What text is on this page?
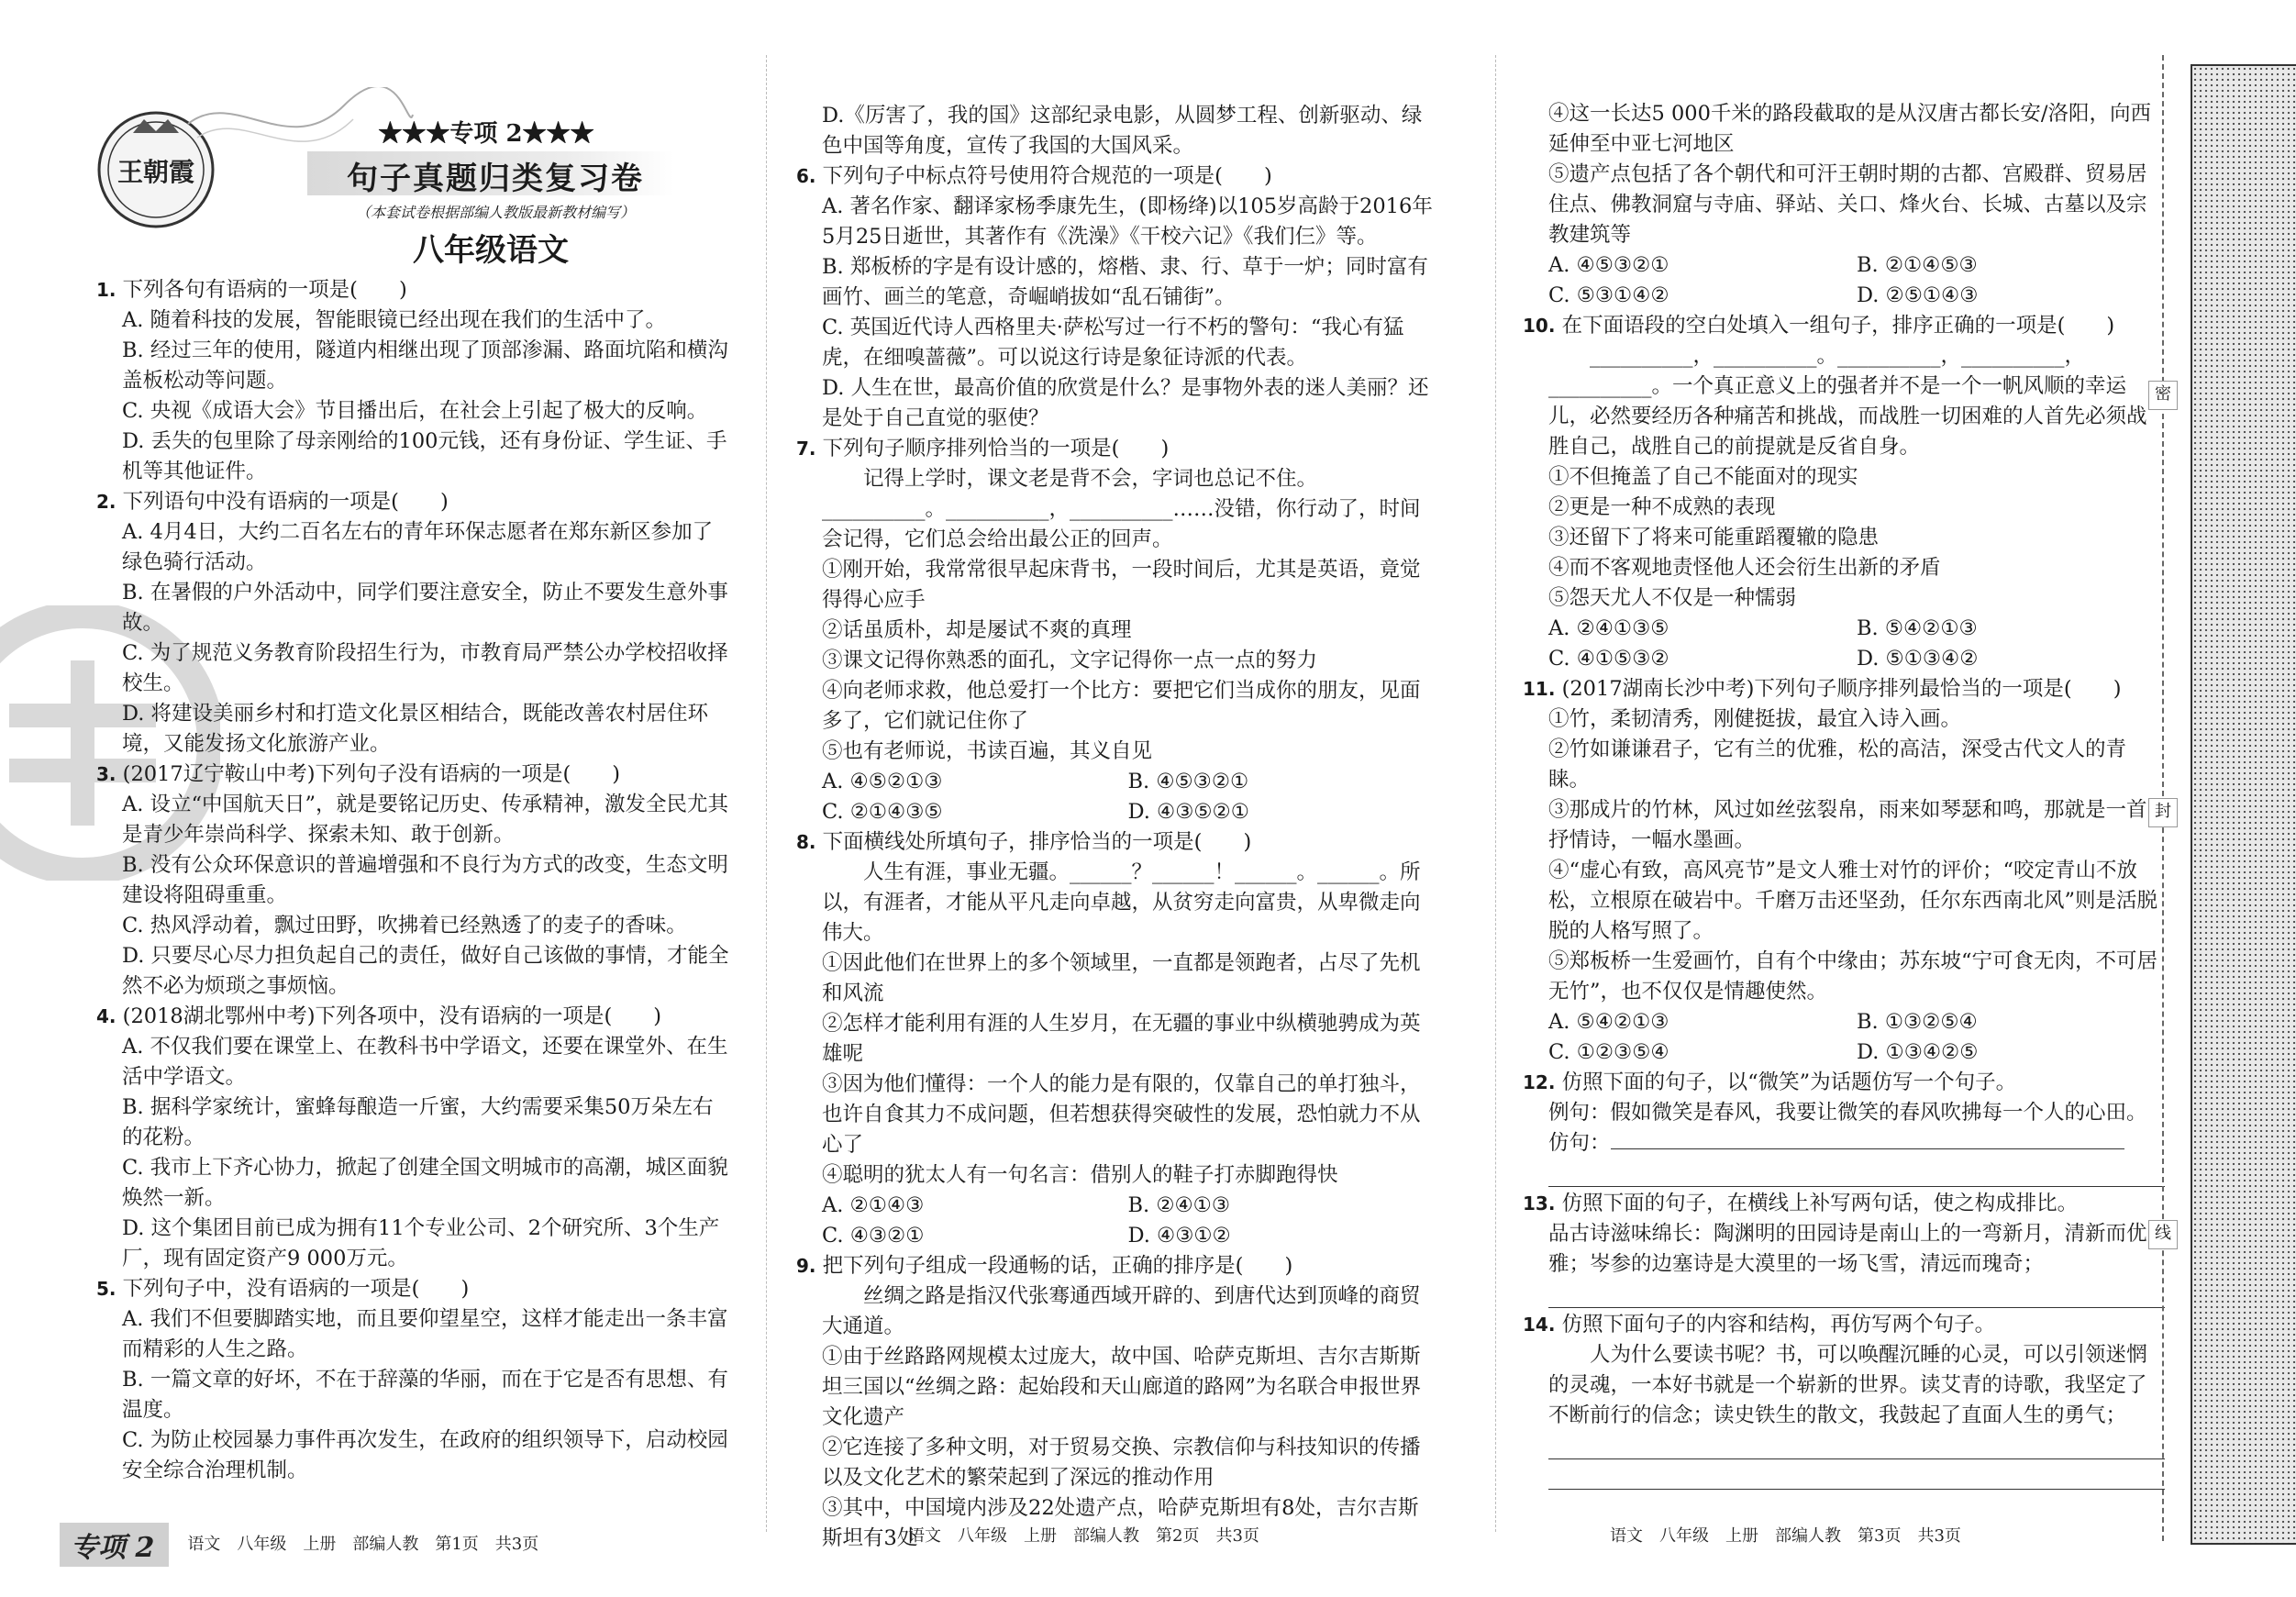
王朝霞
★★★专项 2★★★
句子真题归类复习卷
（本套试卷根据部编人教版最新教材编写）
八年级语文
1. 下列各句有语病的一项是(　　)
A. 随着科技的发展，智能眼镜已经出现在我们的生活中了。
B. 经过三年的使用，隧道内相继出现了顶部渗漏、路面坑陷和横沟盖板松动等问题。
C. 央视《成语大会》节目播出后，在社会上引起了极大的反响。
D. 丢失的包里除了母亲刚给的100元钱，还有身份证、学生证、手机等其他证件。
2. 下列语句中没有语病的一项是(　　)
A. 4月4日，大约二百名左右的青年环保志愿者在郑东新区参加了绿色骑行活动。
B. 在暑假的户外活动中，同学们要注意安全，防止不要发生意外事故。
C. 为了规范义务教育阶段招生行为，市教育局严禁公办学校招收择校生。
D. 将建设美丽乡村和打造文化景区相结合，既能改善农村居住环境，又能发扬文化旅游产业。
3. (2017辽宁鞍山中考)下列句子没有语病的一项是(　　)
A. 设立“中国航天日”，就是要铭记历史、传承精神，激发全民尤其是青少年崇尚科学、探索未知、敢于创新。
B. 没有公众环保意识的普遍增强和不良行为方式的改变，生态文明建设将阻碍重重。
C. 热风浮动着，飘过田野，吹拂着已经熟透了的麦子的香味。
D. 只要尽心尽力担负起自己的责任，做好自己该做的事情，才能全然不必为烦琐之事烦恼。
4. (2018湖北鄂州中考)下列各项中，没有语病的一项是(　　)
A. 不仅我们要在课堂上、在教科书中学语文，还要在课堂外、在生活中学语文。
B. 据科学家统计，蜜蜂每酿造一斤蜜，大约需要采集50万朵左右的花粉。
C. 我市上下齐心协力，掀起了创建全国文明城市的高潮，城区面貌焕然一新。
D. 这个集团目前已成为拥有11个专业公司、2个研究所、3个生产厂，现有固定资产9 000万元。
5. 下列句子中，没有语病的一项是(　　)
A. 我们不但要脚踏实地，而且要仰望星空，这样才能走出一条丰富而精彩的人生之路。
B. 一篇文章的好坏，不在于辞藻的华丽，而在于它是否有思想、有温度。
C. 为防止校园暴力事件再次发生，在政府的组织领导下，启动校园安全综合治理机制。
D.《厉害了，我的国》这部纪录电影，从圆梦工程、创新驱动、绿色中国等角度，宣传了我国的大国风采。
6. 下列句子中标点符号使用符合规范的一项是(　　)
A. 著名作家、翻译家杨季康先生，(即杨绛)以105岁高龄于2016年5月25日逝世，其著作有《洗澡》《干校六记》《我们仨》等。
B. 郑板桥的字是有设计感的，熔楷、隶、行、草于一炉；同时富有画竹、画兰的笔意，奇崛峭拔如“乱石铺街”。
C. 英国近代诗人西格里夫·萨松写过一行不朽的警句：“我心有猛虎，在细嗅蔷薇”。可以说这行诗是象征诗派的代表。
D. 人生在世，最高价值的欣赏是什么？是事物外表的迷人美丽？还是处于自己直觉的驱使？
7. 下列句子顺序排列恰当的一项是(　　)
记得上学时，课文老是背不会，字词也总记不住。__________。__________，__________……没错，你行动了，时间会记得，它们总会给出最公正的回声。
①刚开始，我常常很早起床背书，一段时间后，尤其是英语，竟觉得得心应手
②话虽质朴，却是屡试不爽的真理
③课文记得你熟悉的面孔，文字记得你一点一点的努力
④向老师求救，他总爱打一个比方：要把它们当成你的朋友，见面多了，它们就记住你了
⑤也有老师说，书读百遍，其义自见
A. ④⑤②①③	B. ④⑤③②①
C. ②①④③⑤	D. ④③⑤②①
8. 下面横线处所填句子，排序恰当的一项是(　　)
人生有涯，事业无疆。______？______！______。______。所以，有涯者，才能从平凡走向卓越，从贫穷走向富贵，从卑微走向伟大。
①因此他们在世界上的多个领域里，一直都是领跑者，占尽了先机和风流
②怎样才能利用有涯的人生岁月，在无疆的事业中纵横驰骋成为英雄呢
③因为他们懂得：一个人的能力是有限的，仅靠自己的单打独斗，也许自食其力不成问题，但若想获得突破性的发展，恐怕就力不从心了
④聪明的犹太人有一句名言：借别人的鞋子打赤脚跑得快
A. ②①④③	B. ②④①③
C. ④③②①	D. ④③①②
9. 把下列句子组成一段通畅的话，正确的排序是(　　)
丝绸之路是指汉代张骞通西域开辟的、到唐代达到顶峰的商贸大通道。
①由于丝路路网规模太过庞大，故中国、哈萨克斯坦、吉尔吉斯斯坦三国以“丝绸之路：起始段和天山廊道的路网”为名联合申报世界文化遗产
②它连接了多种文明，对于贸易交换、宗教信仰与科技知识的传播以及文化艺术的繁荣起到了深远的推动作用
③其中，中国境内涉及22处遗产点，哈萨克斯坦有8处，吉尔吉斯斯坦有3处
④这一长达5 000千米的路段截取的是从汉唐古都长安/洛阳，向西延伸至中亚七河地区
⑤遗产点包括了各个朝代和可汗王朝时期的古都、宫殿群、贸易居住点、佛教洞窟与寺庙、驿站、关口、烽火台、长城、古墓以及宗教建筑等
A. ④⑤③②①	B. ②①④⑤③
C. ⑤③①④②	D. ②⑤①④③
10. 在下面语段的空白处填入一组句子，排序正确的一项是(　　)
__________，__________。__________，__________，__________。一个真正意义上的强者并不是一个一帆风顺的幸运儿，必然要经历各种痛苦和挑战，而战胜一切困难的人首先必须战胜自己，战胜自己的前提就是反省自身。
①不但掩盖了自己不能面对的现实
②更是一种不成熟的表现
③还留下了将来可能重蹈覆辙的隐患
④而不客观地责怪他人还会衍生出新的矛盾
⑤怨天尤人不仅是一种懦弱
A. ②④①③⑤	B. ⑤④②①③
C. ④①⑤③②	D. ⑤①③④②
11. (2017湖南长沙中考)下列句子顺序排列最恰当的一项是(　　)
①竹，柔韧清秀，刚健挺拔，最宜入诗入画。
②竹如谦谦君子，它有兰的优雅，松的高洁，深受古代文人的青睐。
③那成片的竹林，风过如丝弦裂帛，雨来如琴瑟和鸣，那就是一首抒情诗，一幅水墨画。
④“虚心有致，高风亮节”是文人雅士对竹的评价；“咬定青山不放松，立根原在破岩中。千磨万击还坚劲，任尔东西南北风”则是活脱脱的人格写照了。
⑤郑板桥一生爱画竹，自有个中缘由；苏东坡“宁可食无肉，不可居无竹”，也不仅仅是情趣使然。
A. ⑤④②①③	B. ①③②⑤④
C. ①②③⑤④	D. ①③④②⑤
12. 仿照下面的句子，以“微笑”为话题仿写一个句子。
例句：假如微笑是春风，我要让微笑的春风吹拂每一个人的心田。
仿句：
13. 仿照下面的句子，在横线上补写两句话，使之构成排比。
品古诗滋味绵长：陶渊明的田园诗是南山上的一弯新月，清新而优雅；岑参的边塞诗是大漠里的一场飞雪，清远而瑰奇；
14. 仿照下面句子的内容和结构，再仿写两个句子。
人为什么要读书呢？书，可以唤醒沉睡的心灵，可以引领迷惘的灵魂，一本好书就是一个崭新的世界。读艾青的诗歌，我坚定了不断前行的信念；读史铁生的散文，我鼓起了直面人生的勇气；
专项 2 语文　八年级　上册　部编人教　第1页　共3页	语文　八年级　上册　部编人教　第2页　共3页	语文　八年级　上册　部编人教　第3页　共3页
密
封
线
